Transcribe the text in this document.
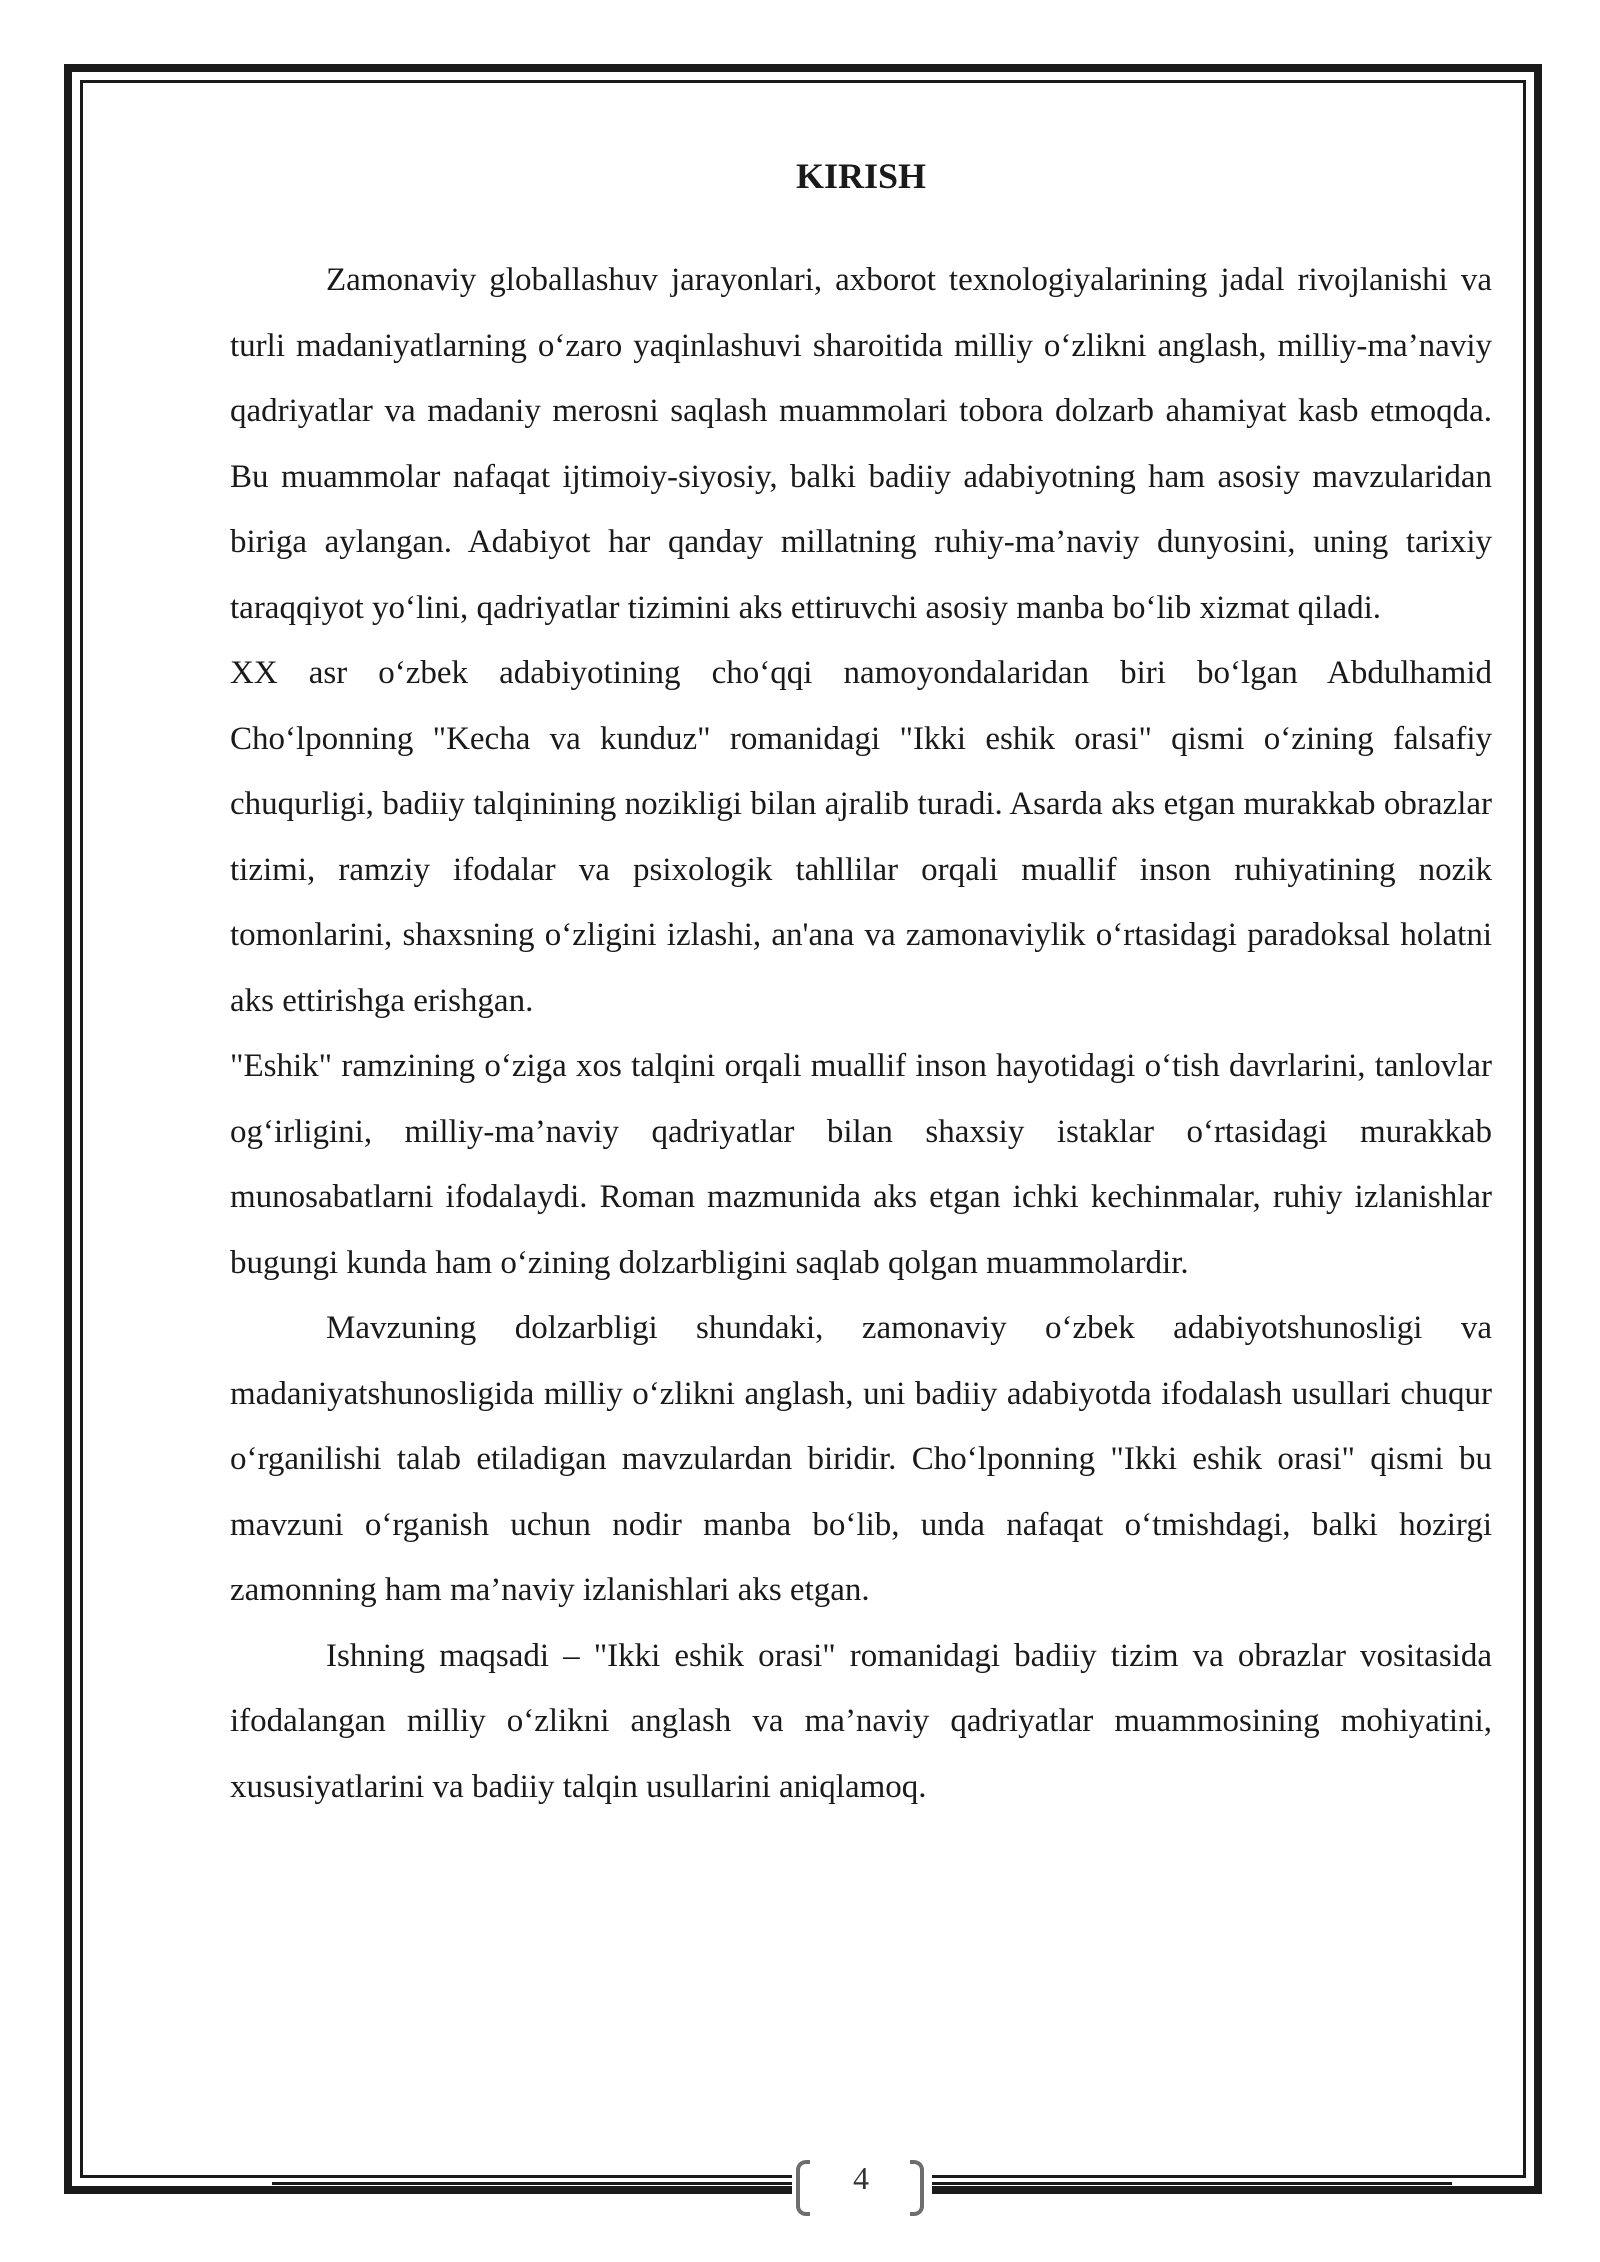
KIRISH

Zamonaviy globallashuv jarayonlari, axborot texnologiyalarining jadal rivojlanishi va turli madaniyatlarning o‘zaro yaqinlashuvi sharoitida milliy o‘zlikni anglash, milliy-ma’naviy qadriyatlar va madaniy merosni saqlash muammolari tobora dolzarb ahamiyat kasb etmoqda. Bu muammolar nafaqat ijtimoiy-siyosiy, balki badiiy adabiyotning ham asosiy mavzularidan biriga aylangan. Adabiyot har qanday millatning ruhiy-ma’naviy dunyosini, uning tarixiy taraqqiyot yo‘lini, qadriyatlar tizimini aks ettiruvchi asosiy manba bo‘lib xizmat qiladi.

XX asr o‘zbek adabiyotining cho‘qqi namoyondalaridan biri bo‘lgan Abdulhamid Cho‘lponning "Kecha va kunduz" romanidagi "Ikki eshik orasi" qismi o‘zining falsafiy chuqurligi, badiiy talqinining nozikligi bilan ajralib turadi. Asarda aks etgan murakkab obrazlar tizimi, ramziy ifodalar va psixologik tahllilar orqali muallif inson ruhiyatining nozik tomonlarini, shaxsning o‘zligini izlashi, an'ana va zamonaviylik o‘rtasidagi paradoksal holatni aks ettirishga erishgan.

"Eshik" ramzining o‘ziga xos talqini orqali muallif inson hayotidagi o‘tish davrlarini, tanlovlar og‘irligini, milliy-ma’naviy qadriyatlar bilan shaxsiy istaklar o‘rtasidagi murakkab munosabatlarni ifodalaydi. Roman mazmunida aks etgan ichki kechinmalar, ruhiy izlanishlar bugungi kunda ham o‘zining dolzarbligini saqlab qolgan muammolardir.

Mavzuning dolzarbligi shundaki, zamonaviy o‘zbek adabiyotshunosligi va madaniyatshunosligida milliy o‘zlikni anglash, uni badiiy adabiyotda ifodalash usullari chuqur o‘rganilishi talab etiladigan mavzulardan biridir. Cho‘lponning "Ikki eshik orasi" qismi bu mavzuni o‘rganish uchun nodir manba bo‘lib, unda nafaqat o‘tmishdagi, balki hozirgi zamonning ham ma’naviy izlanishlari aks etgan.

Ishning maqsadi – "Ikki eshik orasi" romanidagi badiiy tizim va obrazlar vositasida ifodalangan milliy o‘zlikni anglash va ma’naviy qadriyatlar muammosining mohiyatini, xususiyatlarini va badiiy talqin usullarini aniqlamoq.

4
